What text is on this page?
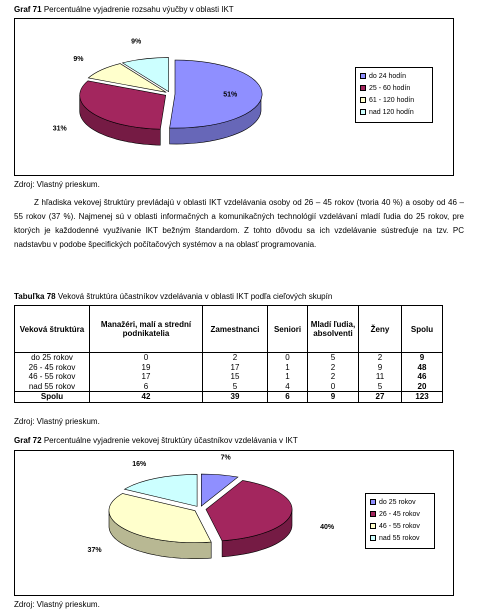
Graf 71 Percentuálne vyjadrenie rozsahu výučby v oblasti IKT
51%
31%
9%
9%
do 24 hodín
25 - 60 hodín
61 - 120 hodín
nad 120 hodín
Zdroj: Vlastný prieskum.

Z hľadiska vekovej štruktúry prevládajú v oblasti IKT vzdelávania osoby od 26 – 45 rokov (tvoria 40 %) a osoby od 46 – 55 rokov (37 %). Najmenej sú v oblasti informačných a komunikačných technológií vzdelávaní mladí ľudia do 25 rokov, pre ktorých je každodenné využívanie IKT bežným štandardom. Z tohto dôvodu sa ich vzdelávanie sústreďuje na tzv. PC nadstavbu v podobe špecifických počítačových systémov a na oblasť programovania.

Tabuľka 78 Veková štruktúra účastníkov vzdelávania v oblasti IKT podľa cieľových skupín
Veková štruktúra	Manažéri, malí a strední podnikatelia	Zamestnanci	Seniori	Mladí ľudia, absolventi	Ženy	Spolu
do 25 rokov	0	2	0	5	2	9
26 - 45 rokov	19	17	1	2	9	48
46 - 55 rokov	17	15	1	2	11	46
nad 55 rokov	6	5	4	0	5	20
Spolu	42	39	6	9	27	123
Zdroj: Vlastný prieskum.
Graf 72 Percentuálne vyjadrenie vekovej štruktúry účastníkov vzdelávania v IKT
7%
40%
37%
16%
do 25 rokov
26 - 45 rokov
46 - 55 rokov
nad 55 rokov
Zdroj: Vlastný prieskum.
